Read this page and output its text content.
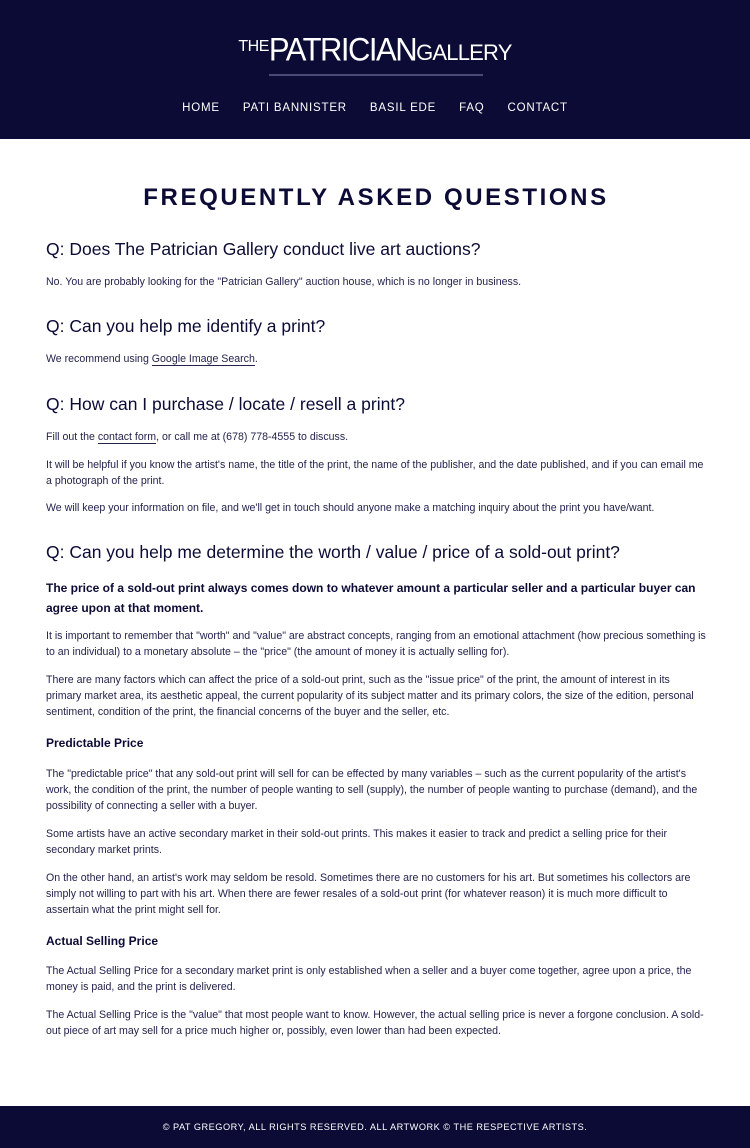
THEPATRICIANGALLERY
HOME PATI BANNISTER BASIL EDE FAQ CONTACT
FREQUENTLY ASKED QUESTIONS
Q: Does The Patrician Gallery conduct live art auctions?

No. You are probably looking for the "Patrician Gallery" auction house, which is no longer in business.

Q: Can you help me identify a print?

We recommend using Google Image Search.

Q: How can I purchase / locate / resell a print?

Fill out the contact form, or call me at (678) 778-4555 to discuss.

It will be helpful if you know the artist's name, the title of the print, the name of the publisher, and the date published, and if you can email me a photograph of the print.

We will keep your information on file, and we'll get in touch should anyone make a matching inquiry about the print you have/want.

Q: Can you help me determine the worth / value / price of a sold-out print?

The price of a sold-out print always comes down to whatever amount a particular seller and a particular buyer can agree upon at that moment.

It is important to remember that "worth" and "value" are abstract concepts, ranging from an emotional attachment (how precious something is to an individual) to a monetary absolute – the "price" (the amount of money it is actually selling for).

There are many factors which can affect the price of a sold-out print, such as the "issue price" of the print, the amount of interest in its primary market area, its aesthetic appeal, the current popularity of its subject matter and its primary colors, the size of the edition, personal sentiment, condition of the print, the financial concerns of the buyer and the seller, etc.

Predictable Price

The "predictable price" that any sold-out print will sell for can be effected by many variables – such as the current popularity of the artist's work, the condition of the print, the number of people wanting to sell (supply), the number of people wanting to purchase (demand), and the possibility of connecting a seller with a buyer.

Some artists have an active secondary market in their sold-out prints. This makes it easier to track and predict a selling price for their secondary market prints.

On the other hand, an artist's work may seldom be resold. Sometimes there are no customers for his art. But sometimes his collectors are simply not willing to part with his art. When there are fewer resales of a sold-out print (for whatever reason) it is much more difficult to assertain what the print might sell for.

Actual Selling Price

The Actual Selling Price for a secondary market print is only established when a seller and a buyer come together, agree upon a price, the money is paid, and the print is delivered.

The Actual Selling Price is the "value" that most people want to know. However, the actual selling price is never a forgone conclusion. A sold-out piece of art may sell for a price much higher or, possibly, even lower than had been expected.

© PAT GREGORY, ALL RIGHTS RESERVED. ALL ARTWORK © THE RESPECTIVE ARTISTS.
